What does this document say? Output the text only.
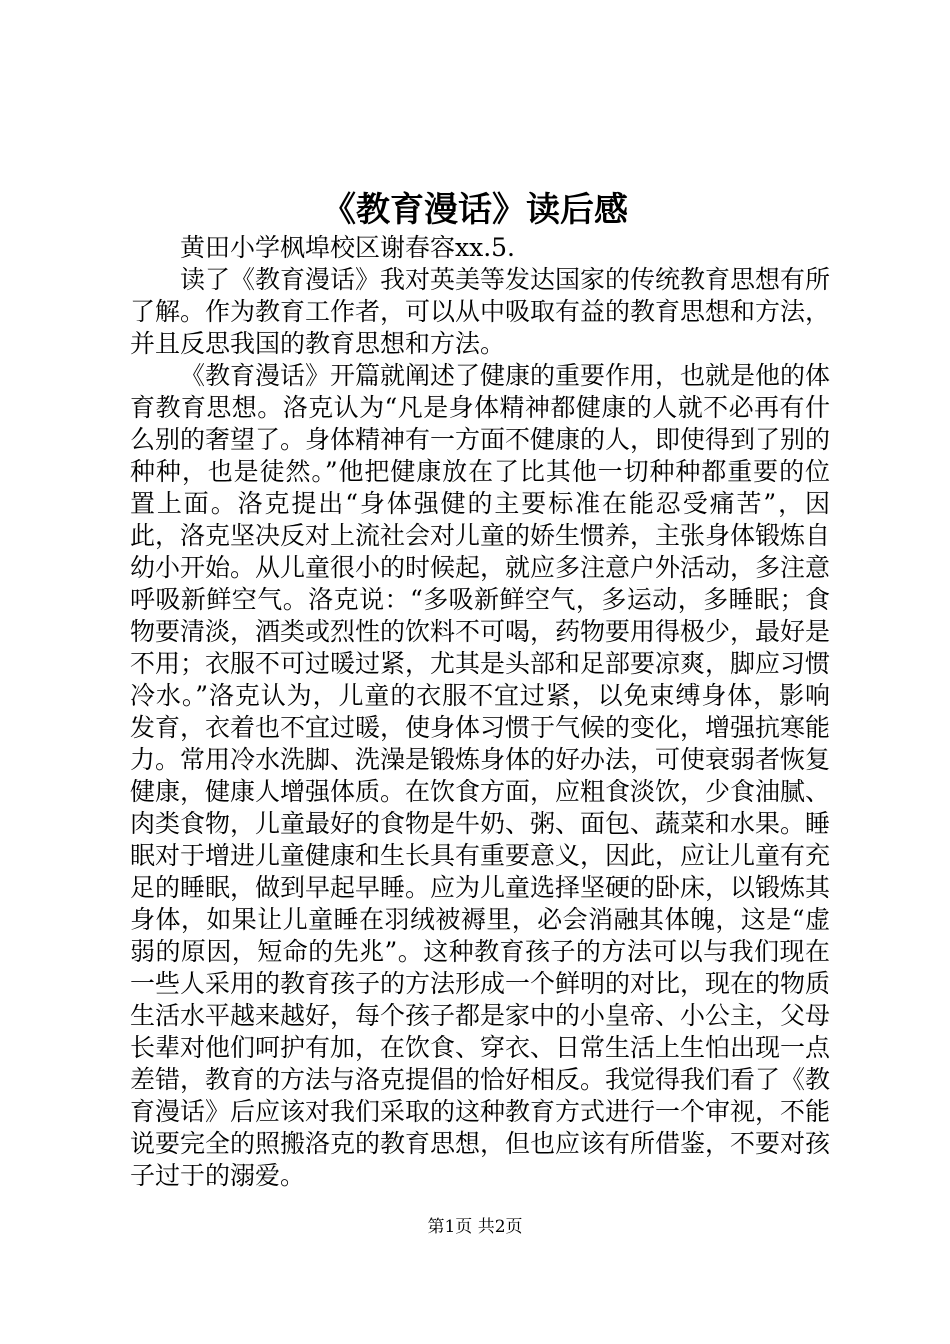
《教育漫话》读后感

黄田小学枫埠校区谢春容xx.5.

读了《教育漫话》我对英美等发达国家的传统教育思想有所了解。作为教育工作者，可以从中吸取有益的教育思想和方法，并且反思我国的教育思想和方法。

《教育漫话》开篇就阐述了健康的重要作用，也就是他的体育教育思想。洛克认为“凡是身体精神都健康的人就不必再有什么别的奢望了。身体精神有一方面不健康的人，即使得到了别的种种，也是徒然。”他把健康放在了比其他一切种种都重要的位置上面。洛克提出“身体强健的主要标准在能忍受痛苦”，因此，洛克坚决反对上流社会对儿童的娇生惯养，主张身体锻炼自幼小开始。从儿童很小的时候起，就应多注意户外活动，多注意呼吸新鲜空气。洛克说：“多吸新鲜空气，多运动，多睡眠；食物要清淡，酒类或烈性的饮料不可喝，药物要用得极少，最好是不用；衣服不可过暖过紧，尤其是头部和足部要凉爽，脚应习惯冷水。”洛克认为，儿童的衣服不宜过紧，以免束缚身体，影响发育，衣着也不宜过暖，使身体习惯于气候的变化，增强抗寒能力。常用冷水洗脚、洗澡是锻炼身体的好办法，可使衰弱者恢复健康，健康人增强体质。在饮食方面，应粗食淡饮，少食油腻、肉类食物，儿童最好的食物是牛奶、粥、面包、蔬菜和水果。睡眠对于增进儿童健康和生长具有重要意义，因此，应让儿童有充足的睡眠，做到早起早睡。应为儿童选择坚硬的卧床，以锻炼其身体，如果让儿童睡在羽绒被褥里，必会消融其体魄，这是“虚弱的原因，短命的先兆”。这种教育孩子的方法可以与我们现在一些人采用的教育孩子的方法形成一个鲜明的对比，现在的物质生活水平越来越好，每个孩子都是家中的小皇帝、小公主，父母长辈对他们呵护有加，在饮食、穿衣、日常生活上生怕出现一点差错，教育的方法与洛克提倡的恰好相反。我觉得我们看了《教育漫话》后应该对我们采取的这种教育方式进行一个审视，不能说要完全的照搬洛克的教育思想，但也应该有所借鉴，不要对孩子过于的溺爱。

第1页 共2页
